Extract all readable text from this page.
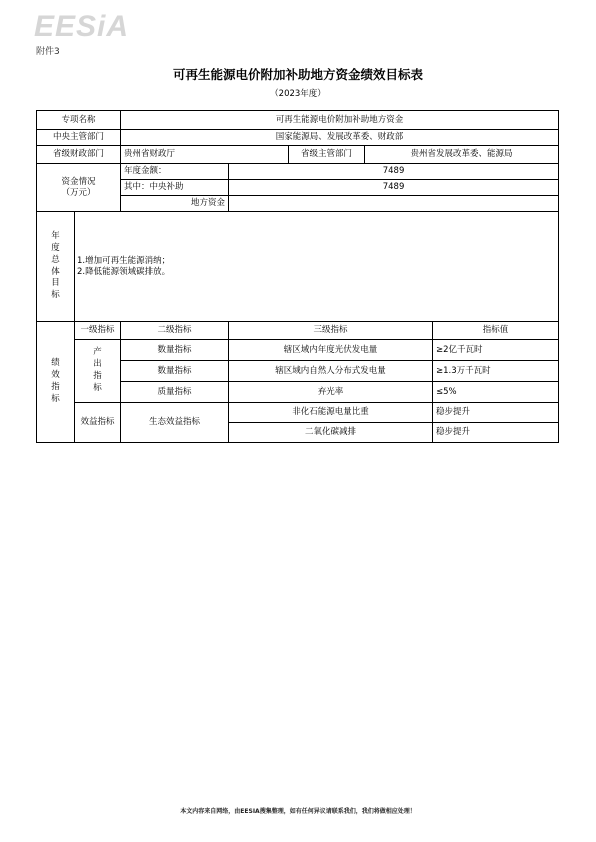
EESiA
附件3
可再生能源电价附加补助地方资金绩效目标表
（2023年度）
专项名称		可再生能源电价附加补助地方资金				
中央主管部门		国家能源局、发展改革委、财政部				
省级财政部门		贵州省财政厅		省级主管部门	贵州省发展改革委、能源局	

资金情况
（万元）		年度金额：	7489			
		其中：中央补助	7489			
		地方资金				
年度总体目标	1.增加可再生能源消纳；
2.降低能源领域碳排放。					

绩效指标	一级指标	二级指标	三级指标			指标值
	产出指标	数量指标	辖区域内年度光伏发电量			≥2亿千瓦时
		数量指标	辖区域内自然人分布式发电量			≥1.3万千瓦时
		质量指标	弃光率			≤5%
	效益指标	生态效益指标	非化石能源电量比重			稳步提升
			二氧化碳减排			稳步提升
本文内容来自网络，由EESIA搜集整理，如有任何异议请联系我们，我们将做相应处理！
